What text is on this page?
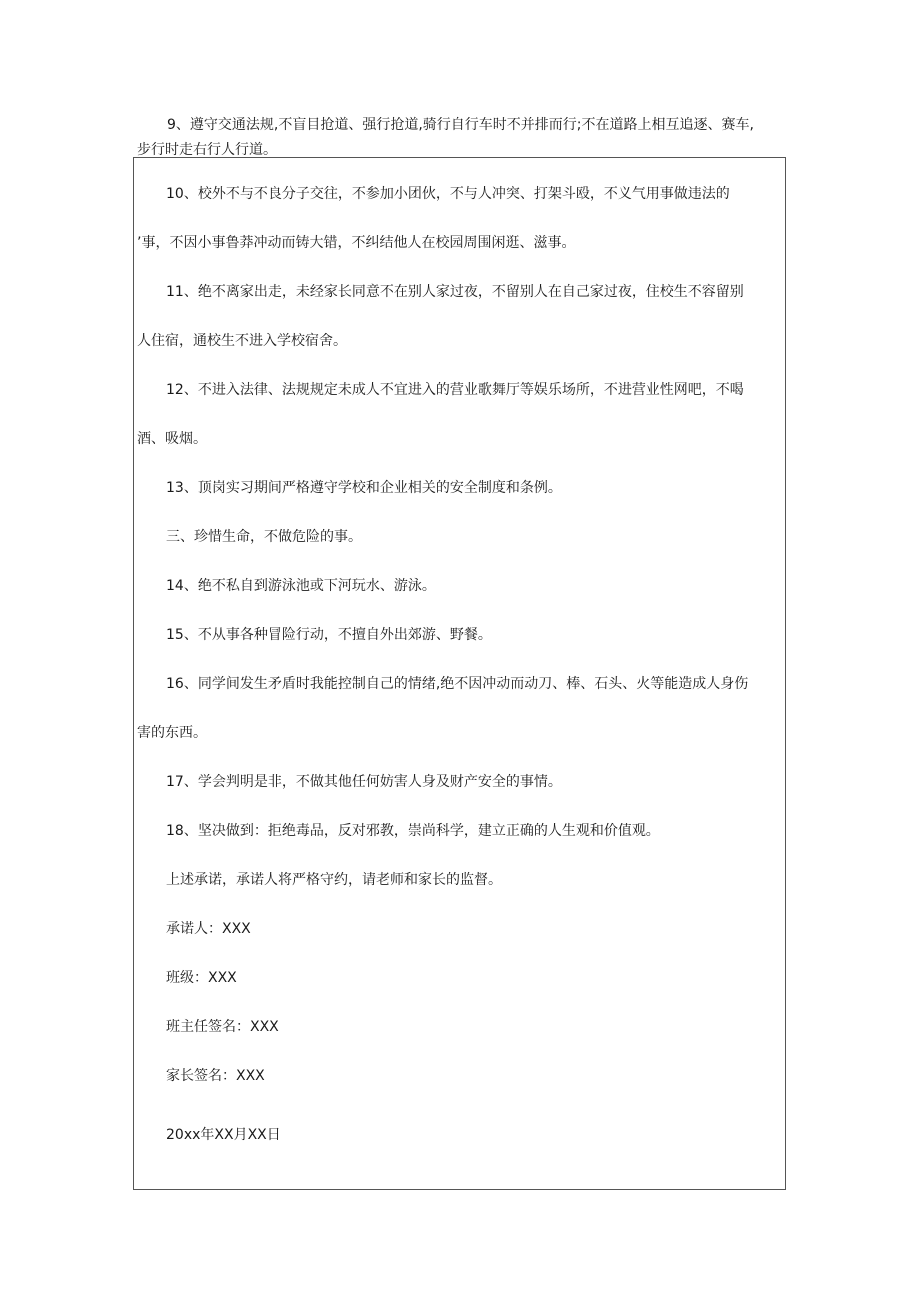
9、遵守交通法规,不盲目抢道、强行抢道,骑行自行车时不并排而行;不在道路上相互追逐、赛车,
步行时走右行人行道。

10、校外不与不良分子交往，不参加小团伙，不与人冲突、打架斗殴，不义气用事做违法的

’事，不因小事鲁莽冲动而铸大错，不纠结他人在校园周围闲逛、滋事。

11、绝不离家出走，未经家长同意不在别人家过夜，不留别人在自己家过夜，住校生不容留别

人住宿，通校生不进入学校宿舍。

12、不进入法律、法规规定未成人不宜进入的营业歌舞厅等娱乐场所，不进营业性网吧，不喝

酒、吸烟。

13、顶岗实习期间严格遵守学校和企业相关的安全制度和条例。

三、珍惜生命，不做危险的事。

14、绝不私自到游泳池或下河玩水、游泳。

15、不从事各种冒险行动，不擅自外出郊游、野餐。

16、同学间发生矛盾时我能控制自己的情绪,绝不因冲动而动刀、棒、石头、火等能造成人身伤

害的东西。

17、学会判明是非，不做其他任何妨害人身及财产安全的事情。

18、坚决做到：拒绝毒品，反对邪教，崇尚科学，建立正确的人生观和价值观。

上述承诺，承诺人将严格守约，请老师和家长的监督。

承诺人：XXX

班级：XXX

班主任签名：XXX

家长签名：XXX

20xx年XX月XX日
